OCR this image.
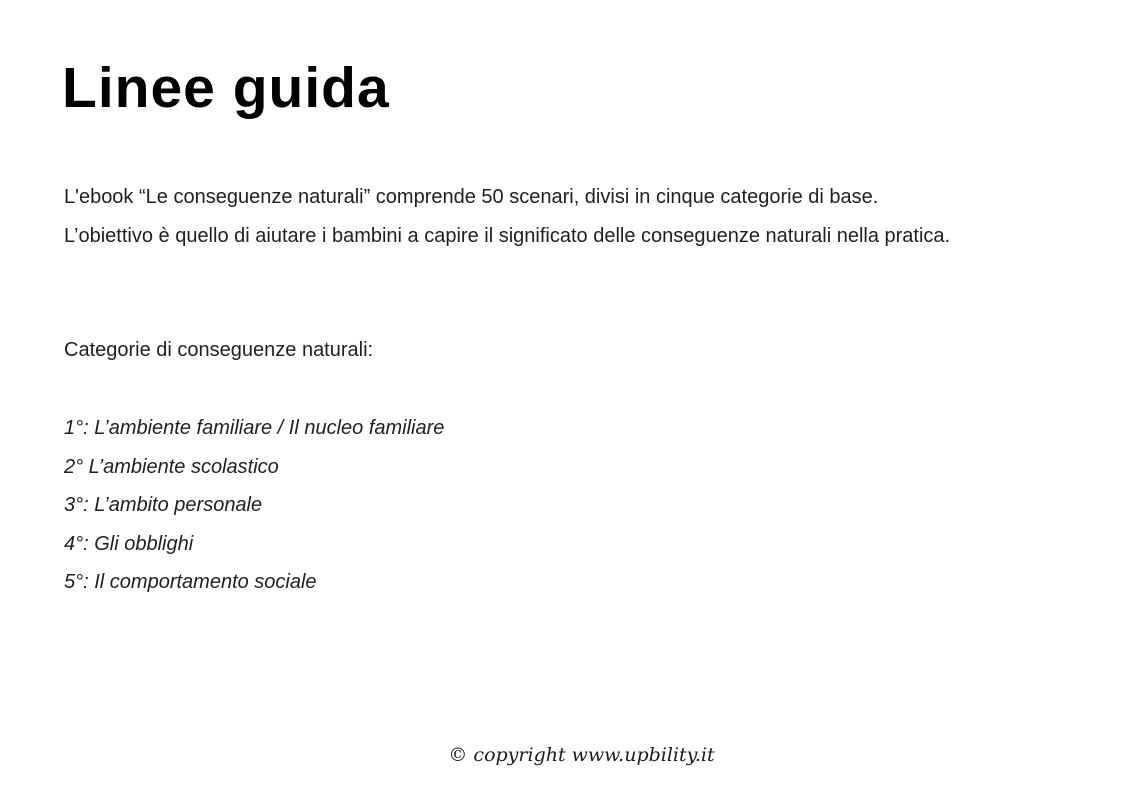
Linee guida

L'ebook “Le conseguenze naturali” comprende 50 scenari, divisi in cinque categorie di base.

L’obiettivo è quello di aiutare i bambini a capire il significato delle conseguenze naturali nella pratica.

Categorie di conseguenze naturali:

1°: L’ambiente familiare / Il nucleo familiare

2° L’ambiente scolastico

3°: L’ambito personale

4°: Gli obblighi

5°: Il comportamento sociale

© copyright www.upbility.it
